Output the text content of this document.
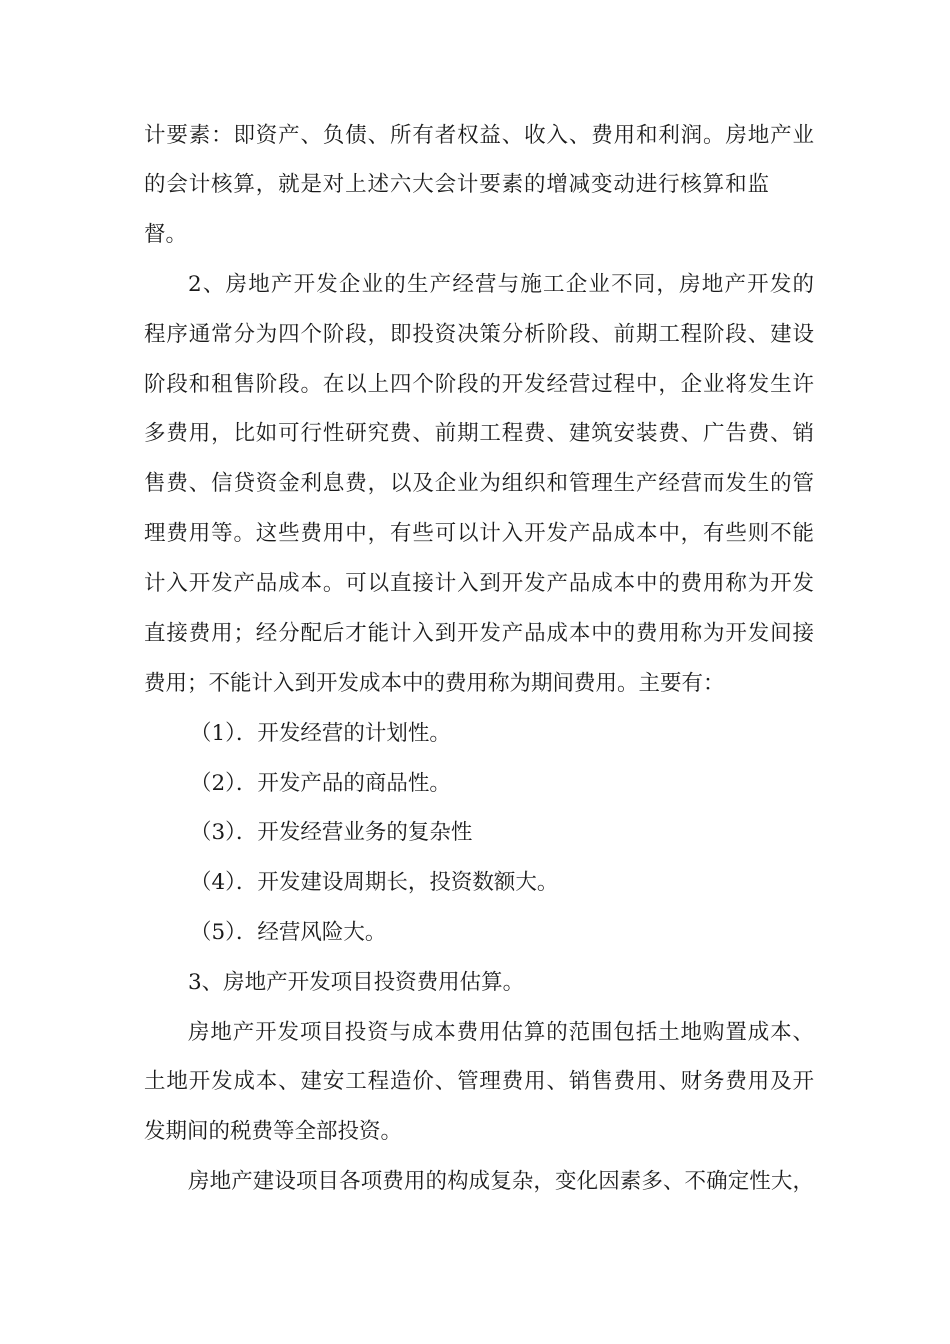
计要素：即资产、负债、所有者权益、收入、费用和利润。房地产业
的会计核算，就是对上述六大会计要素的增减变动进行核算和监
督。
2、房地产开发企业的生产经营与施工企业不同，房地产开发的
程序通常分为四个阶段，即投资决策分析阶段、前期工程阶段、建设
阶段和租售阶段。在以上四个阶段的开发经营过程中，企业将发生许
多费用，比如可行性研究费、前期工程费、建筑安装费、广告费、销
售费、信贷资金利息费，以及企业为组织和管理生产经营而发生的管
理费用等。这些费用中，有些可以计入开发产品成本中，有些则不能
计入开发产品成本。可以直接计入到开发产品成本中的费用称为开发
直接费用；经分配后才能计入到开发产品成本中的费用称为开发间接
费用；不能计入到开发成本中的费用称为期间费用。主要有：
（1）．开发经营的计划性。
（2）．开发产品的商品性。
（3）．开发经营业务的复杂性
（4）．开发建设周期长，投资数额大。
（5）．经营风险大。
3、房地产开发项目投资费用估算。
房地产开发项目投资与成本费用估算的范围包括土地购置成本、
土地开发成本、建安工程造价、管理费用、销售费用、财务费用及开
发期间的税费等全部投资。
房地产建设项目各项费用的构成复杂，变化因素多、不确定性大，
